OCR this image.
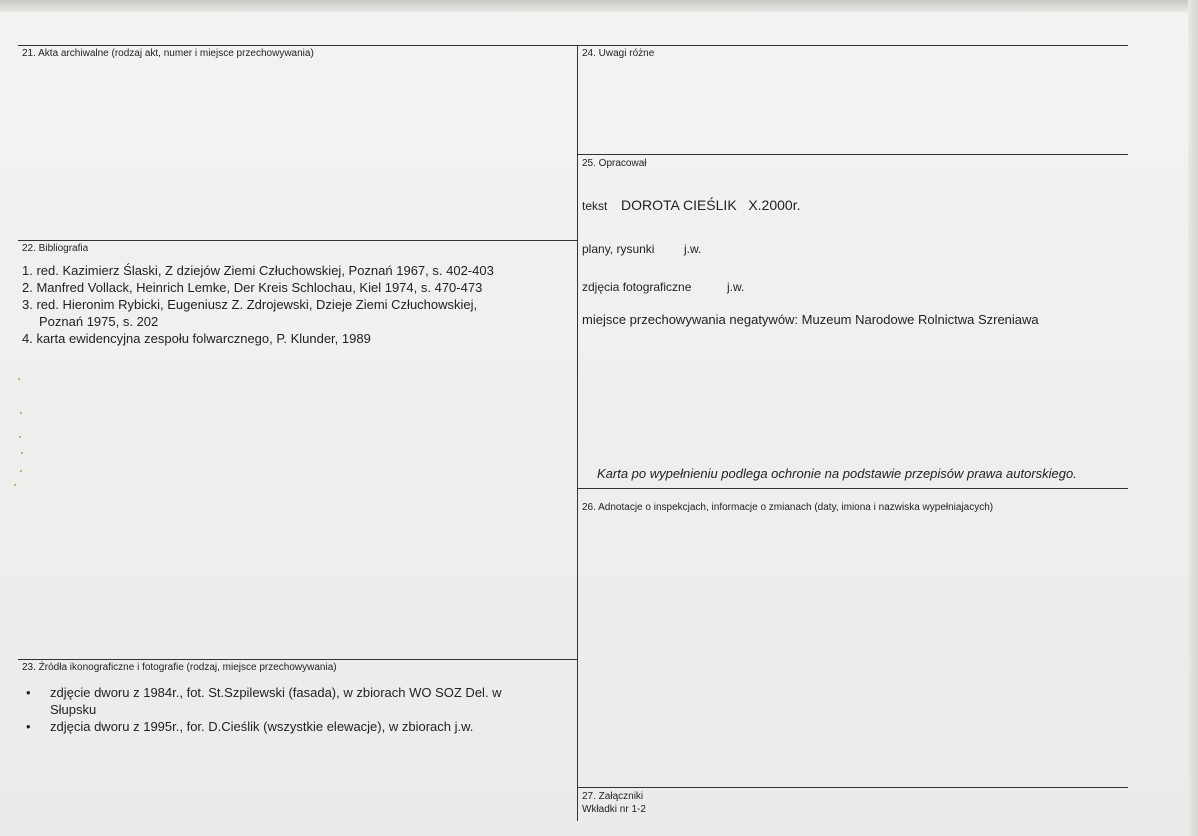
21. Akta archiwalne (rodzaj akt, numer i miejsce przechowywania)
22. Bibliografia
1. red. Kazimierz Ślaski, Z dziejów Ziemi Człuchowskiej, Poznań 1967, s. 402-403
2. Manfred Vollack, Heinrich Lemke, Der Kreis Schlochau, Kiel 1974, s. 470-473
3. red. Hieronim Rybicki, Eugeniusz Z. Zdrojewski, Dzieje Ziemi Człuchowskiej,
Poznań 1975, s. 202
4. karta ewidencyjna zespołu folwarcznego, P. Klunder, 1989
23. Źródła ikonograficzne i fotografie (rodzaj, miejsce przechowywania)
• zdjęcie dworu z 1984r., fot. St.Szpilewski (fasada), w zbiorach WO SOZ Del. w
Słupsku
• zdjęcia dworu z 1995r., for. D.Cieślik (wszystkie elewacje), w zbiorach j.w.
24. Uwagi różne
25. Opracował
tekst DOROTA CIEŚLIK   X.2000r.
plany, rysunki j.w.
zdjęcia fotograficzne	j.w.
miejsce przechowywania negatywów: Muzeum Narodowe Rolnictwa Szreniawa
Karta po wypełnieniu podlega ochronie na podstawie przepisów prawa autorskiego.
26. Adnotacje o inspekcjach, informacje o zmianach (daty, imiona i nazwiska wypełniajacych)
27. Załączniki
Wkładki nr 1-2
